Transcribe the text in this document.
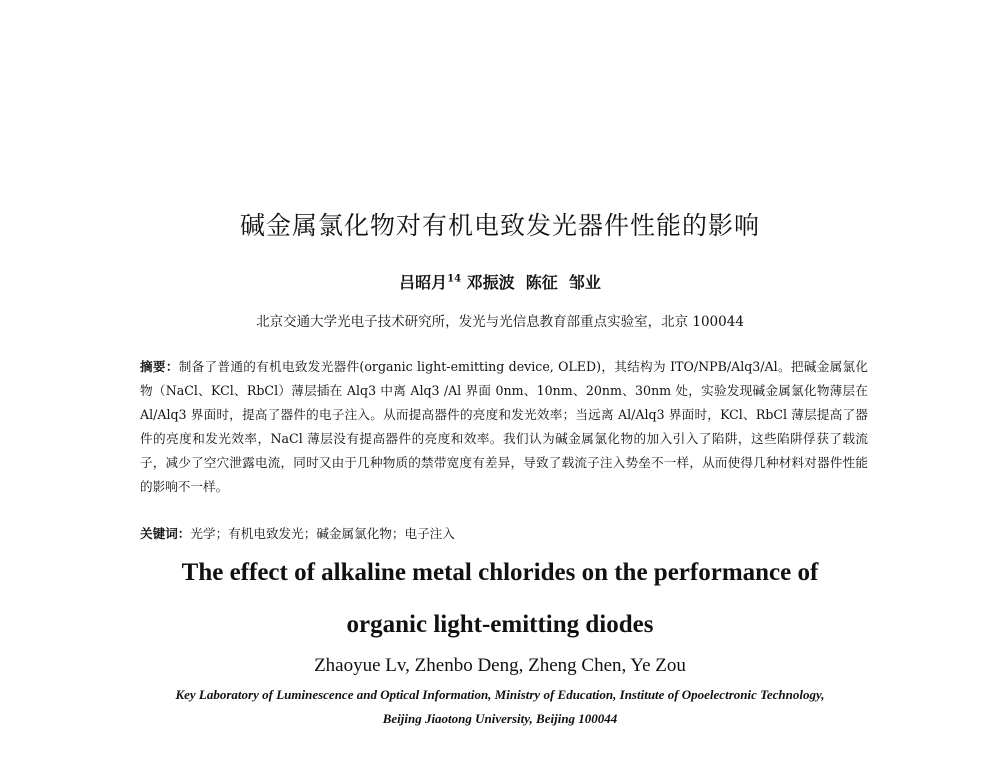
碱金属氯化物对有机电致发光器件性能的影响

吕昭月$^{14}$ 邓振波  陈征  邹业

北京交通大学光电子技术研究所，发光与光信息教育部重点实验室，北京 100044

摘要：制备了普通的有机电致发光器件(organic light-emitting device, OLED)，其结构为 ITO/NPB/Alq3/Al。把碱金属氯化物（NaCl、KCl、RbCl）薄层插在 Alq3 中离 Alq3 /Al 界面 0nm、10nm、20nm、30nm 处，实验发现碱金属氯化物薄层在 Al/Alq3 界面时，提高了器件的电子注入。从而提高器件的亮度和发光效率；当远离 Al/Alq3 界面时，KCl、RbCl 薄层提高了器件的亮度和发光效率，NaCl 薄层没有提高器件的亮度和效率。我们认为碱金属氯化物的加入引入了陷阱，这些陷阱俘获了载流子，减少了空穴泄露电流，同时又由于几种物质的禁带宽度有差异，导致了载流子注入势垒不一样，从而使得几种材料对器件性能的影响不一样。

关键词：光学；有机电致发光；碱金属氯化物；电子注入

The effect of alkaline metal chlorides on the performance of
organic light-emitting diodes

Zhaoyue Lv, Zhenbo Deng, Zheng Chen, Ye Zou

Key Laboratory of Luminescence and Optical Information, Ministry of Education, Institute of Opoelectronic Technology,

Beijing Jiaotong University, Beijing 100044
